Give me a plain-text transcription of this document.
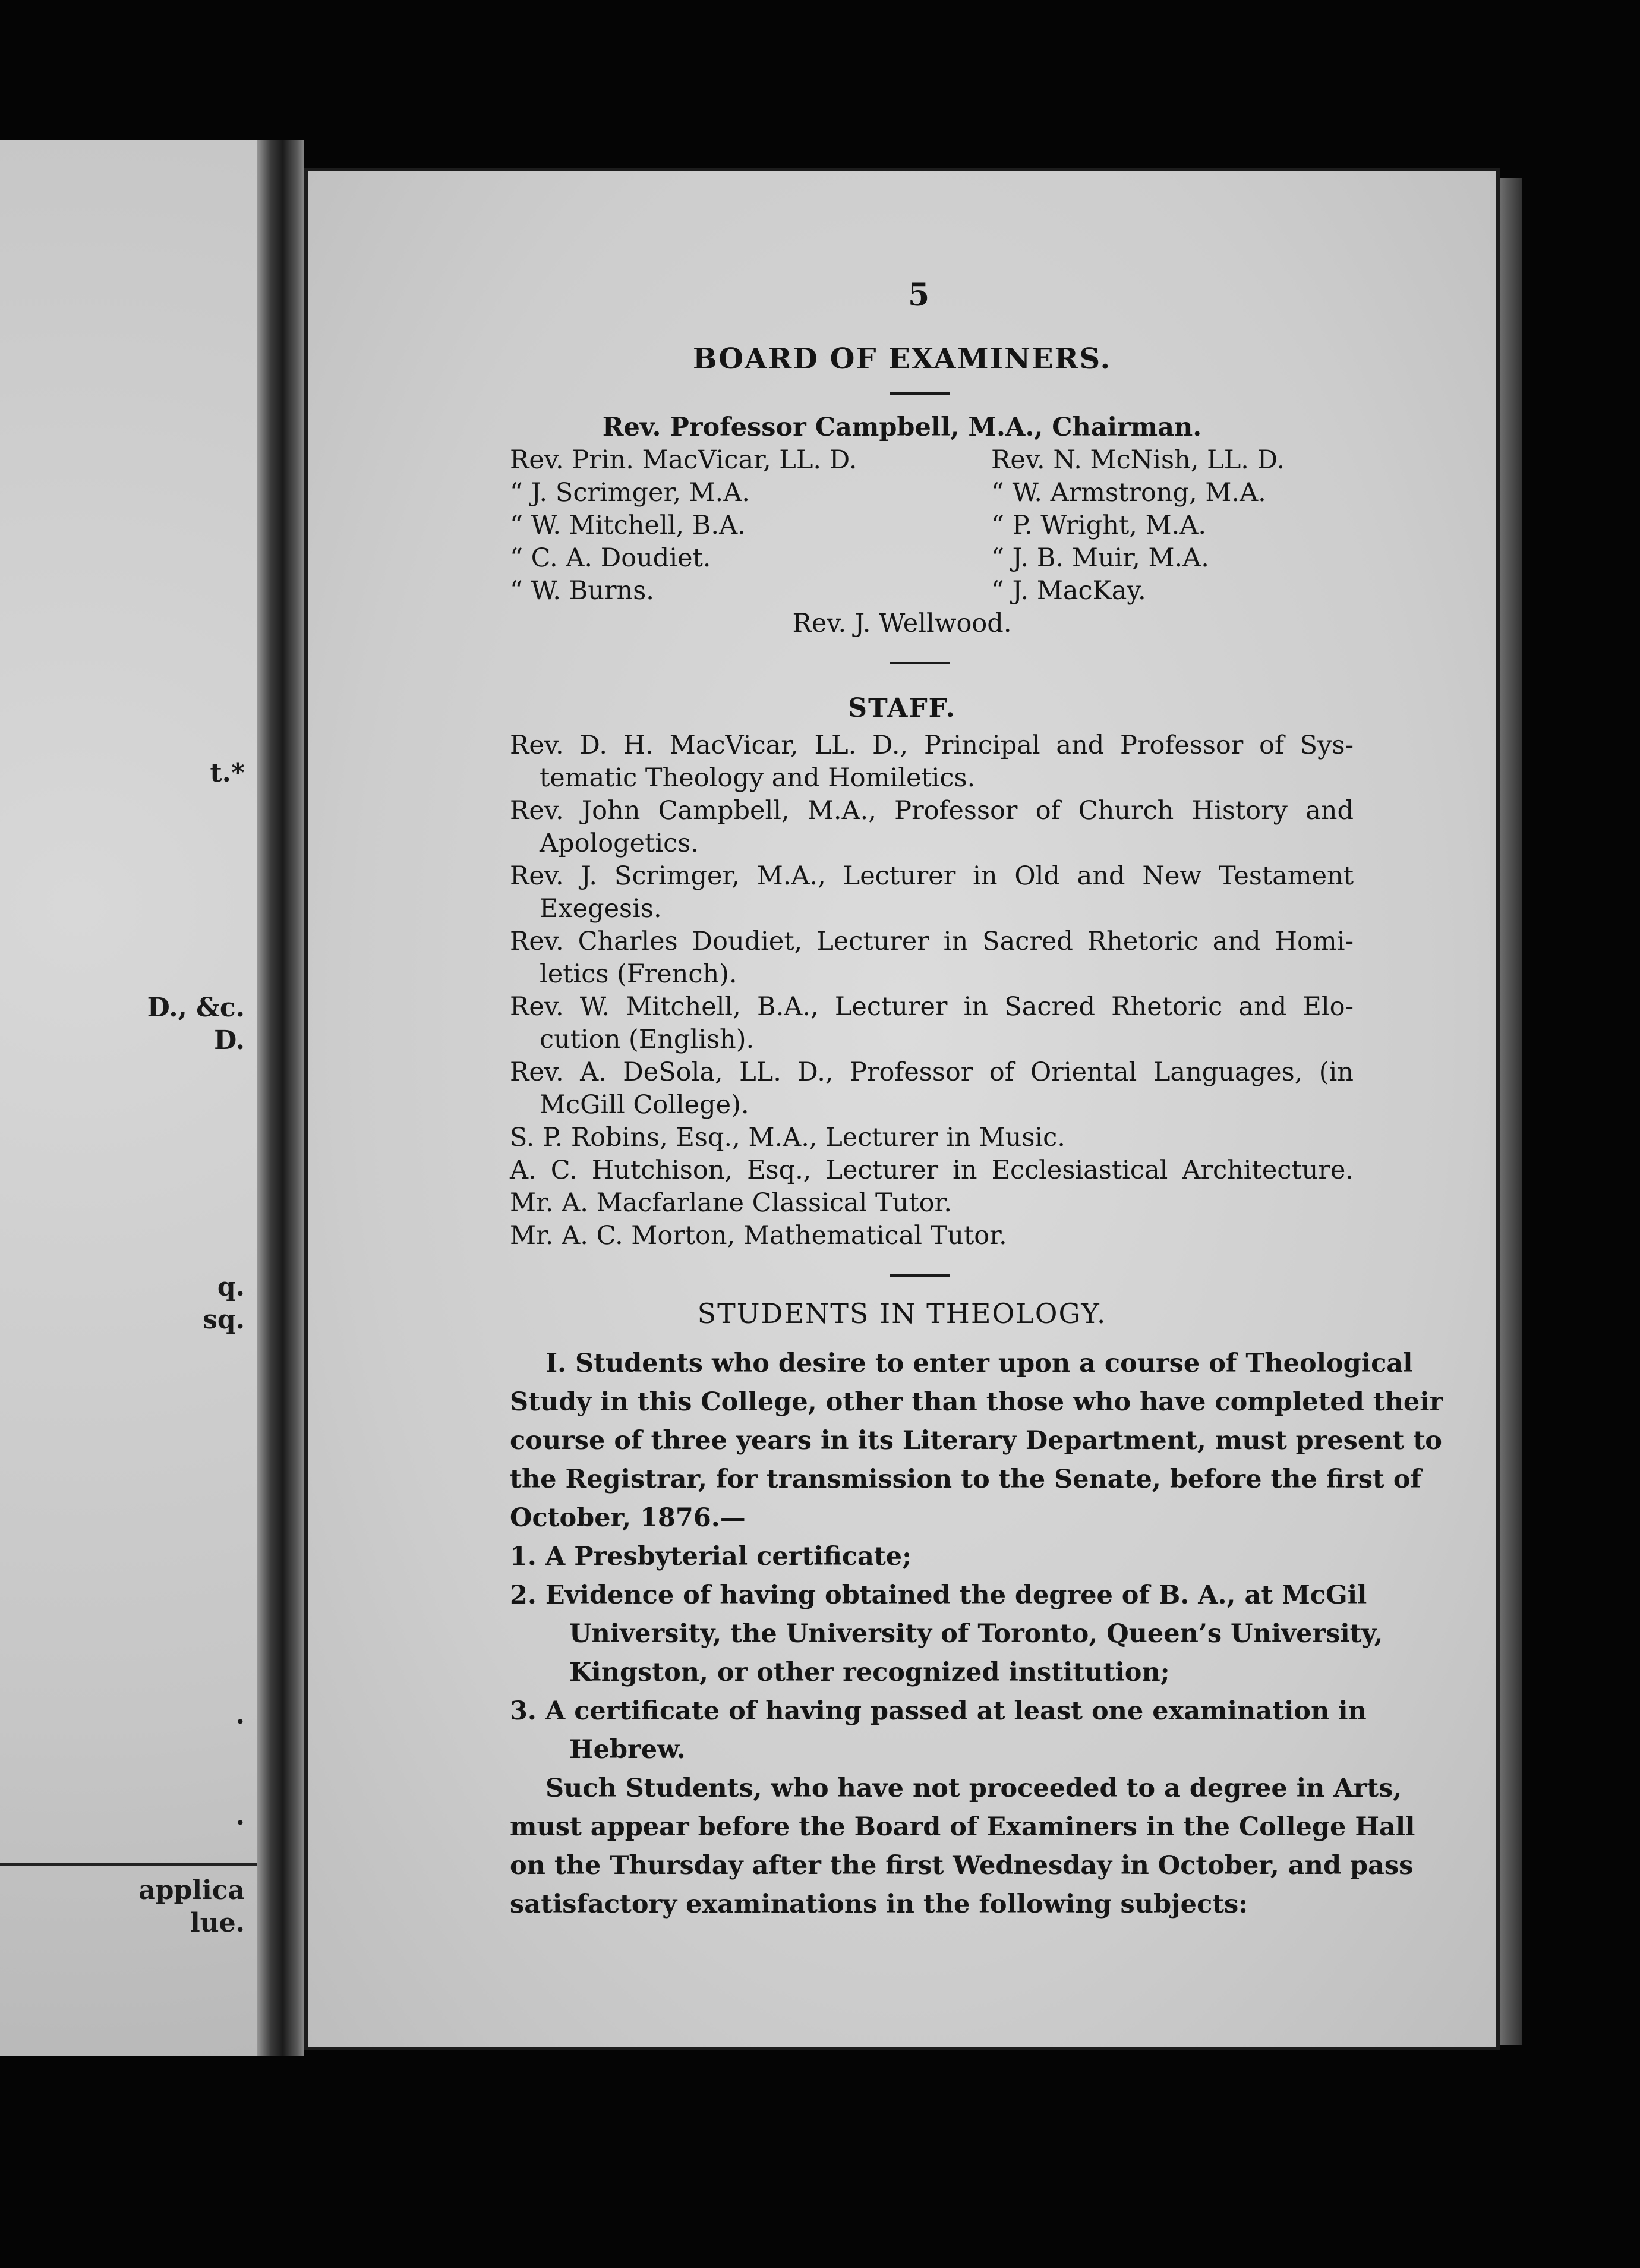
t.*
D., &c.
D.
q.
sq.
.
.
applica
lue.
5
BOARD OF EXAMINERS.
Rev. Professor Campbell, M.A., Chairman.
Rev. Prin. MacVicar, LL. D.
“ J. Scrimger, M.A.
“ W. Mitchell, B.A.
“ C. A. Doudiet.
“ W. Burns.
Rev. N. McNish, LL. D.
“ W. Armstrong, M.A.
“ P. Wright, M.A.
“ J. B. Muir, M.A.
“ J. MacKay.
Rev. J. Wellwood.
STAFF.
Rev. D. H. MacVicar, LL. D., Principal and Professor of Sys-
tematic Theology and Homiletics.
Rev. John Campbell, M.A., Professor of Church History and
Apologetics.
Rev. J. Scrimger, M.A., Lecturer in Old and New Testament
Exegesis.
Rev. Charles Doudiet, Lecturer in Sacred Rhetoric and Homi-
letics (French).
Rev. W. Mitchell, B.A., Lecturer in Sacred Rhetoric and Elo-
cution (English).
Rev. A. DeSola, LL. D., Professor of Oriental Languages, (in
McGill College).
S. P. Robins, Esq., M.A., Lecturer in Music.
A. C. Hutchison, Esq., Lecturer in Ecclesiastical Architecture.
Mr. A. Macfarlane Classical Tutor.
Mr. A. C. Morton, Mathematical Tutor.
STUDENTS IN THEOLOGY.
I. Students who desire to enter upon a course of Theological
Study in this College, other than those who have completed their
course of three years in its Literary Department, must present to
the Registrar, for transmission to the Senate, before the first of
October, 1876.—
1. A Presbyterial certificate;
2. Evidence of having obtained the degree of B. A., at McGil
University, the University of Toronto, Queen’s University,
Kingston, or other recognized institution;
3. A certificate of having passed at least one examination in
Hebrew.
Such Students, who have not proceeded to a degree in Arts,
must appear before the Board of Examiners in the College Hall
on the Thursday after the first Wednesday in October, and pass
satisfactory examinations in the following subjects:
